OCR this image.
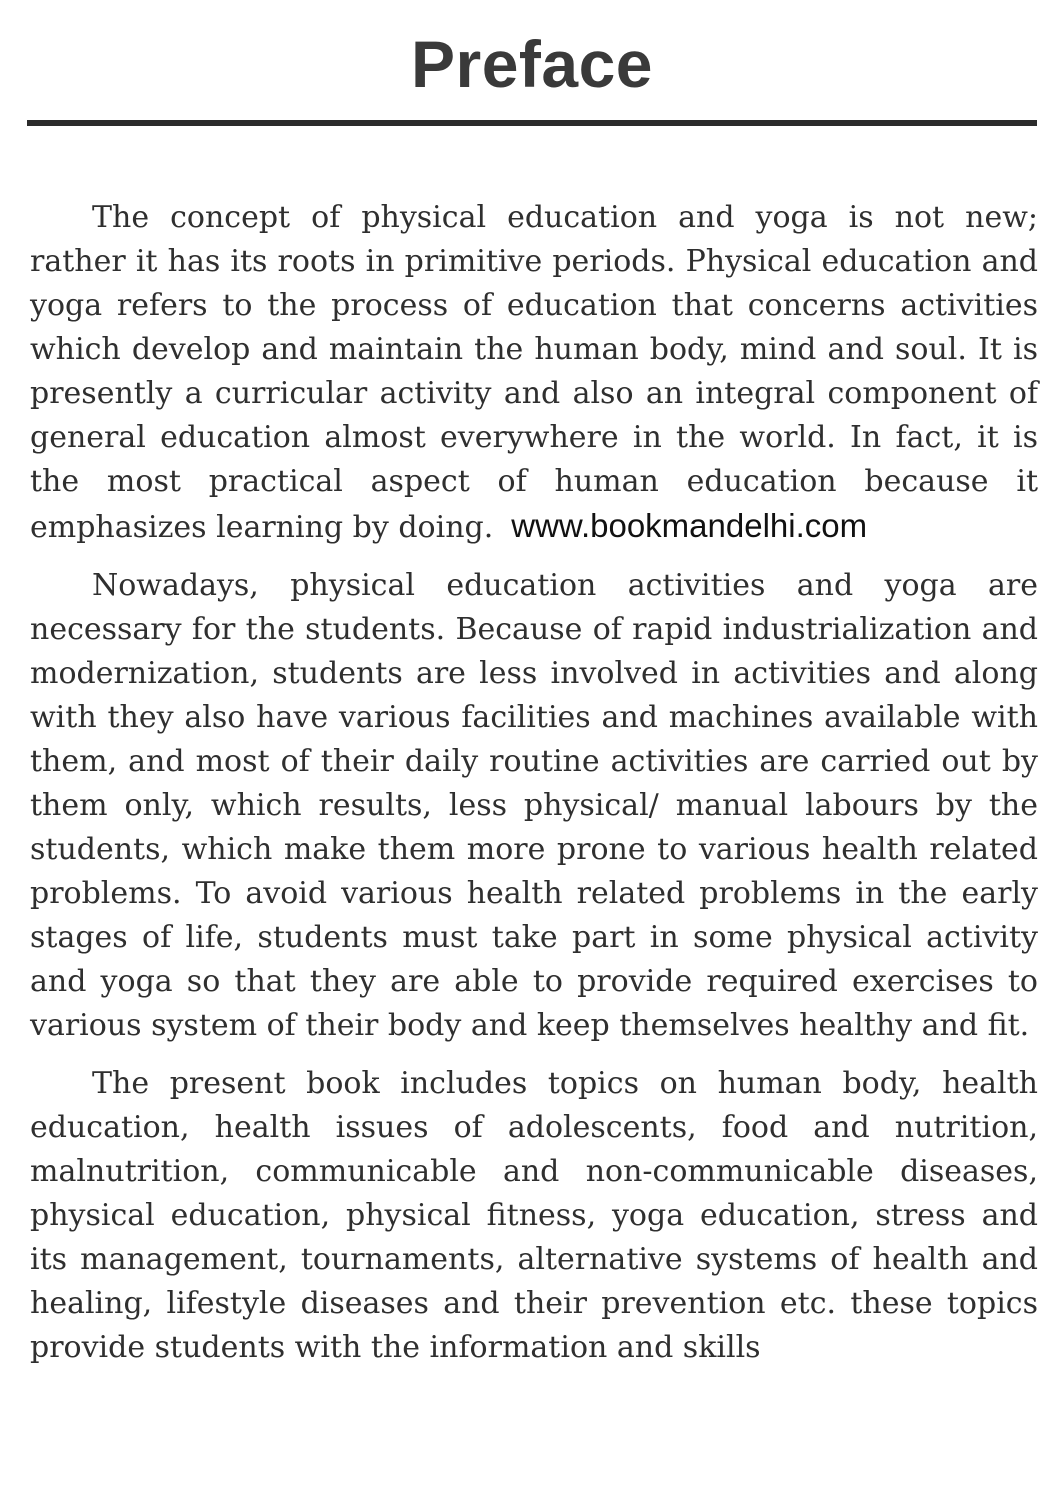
Preface

The concept of physical education and yoga is not new; rather it has its roots in primitive periods. Physical education and yoga refers to the process of education that concerns activities which develop and maintain the human body, mind and soul. It is presently a curricular activity and also an integral component of general education almost everywhere in the world. In fact, it is the most practical aspect of human education because it emphasizes learning by doing. www.bookmandelhi.com

Nowadays, physical education activities and yoga are necessary for the students. Because of rapid industrialization and modernization, students are less involved in activities and along with they also have various facilities and machines available with them, and most of their daily routine activities are carried out by them only, which results, less physical/ manual labours by the students, which make them more prone to various health related problems. To avoid various health related problems in the early stages of life, students must take part in some physical activity and yoga so that they are able to provide required exercises to various system of their body and keep themselves healthy and fit.

The present book includes topics on human body, health education, health issues of adolescents, food and nutrition, malnutrition, communicable and non-communicable diseases, physical education, physical fitness, yoga education, stress and its management, tournaments, alternative systems of health and healing, lifestyle diseases and their prevention etc. these topics provide students with the information and skills
